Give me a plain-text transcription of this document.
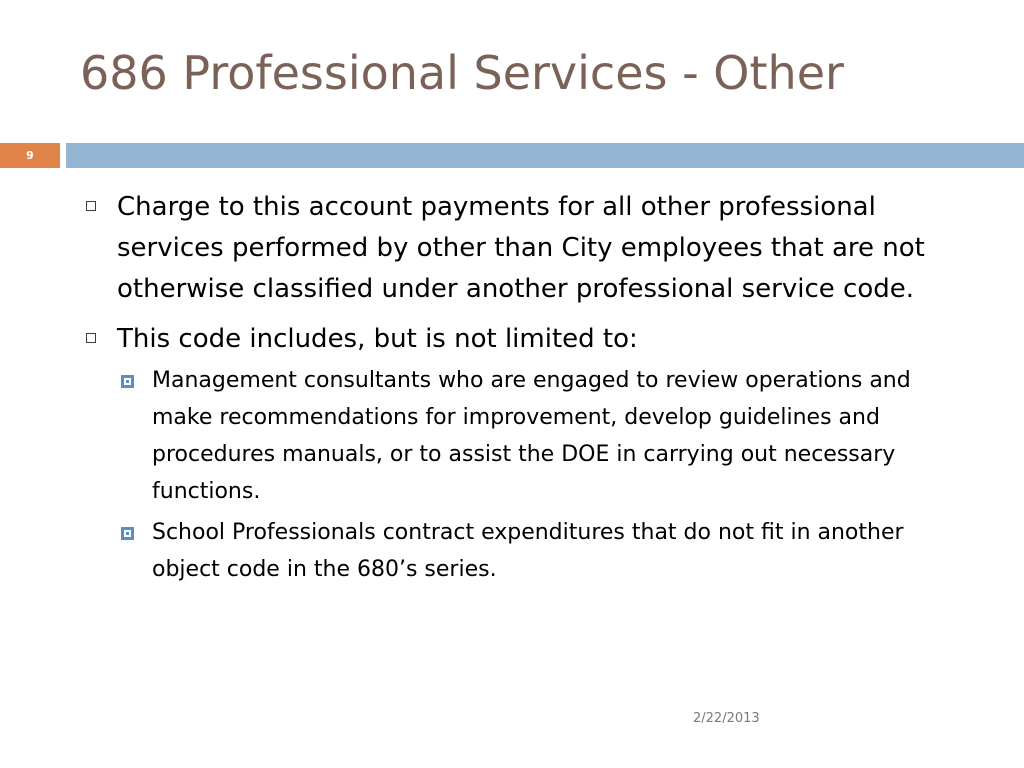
686 Professional Services - Other
9
Charge to this account payments for all other professional services performed by other than City employees that are not otherwise classified under another professional service code.
This code includes, but is not limited to:
Management consultants who are engaged to review operations and make recommendations for improvement, develop guidelines and procedures manuals, or to assist the DOE in carrying out necessary functions.
School Professionals contract expenditures that do not fit in another object code in the 680’s series.
2/22/2013
